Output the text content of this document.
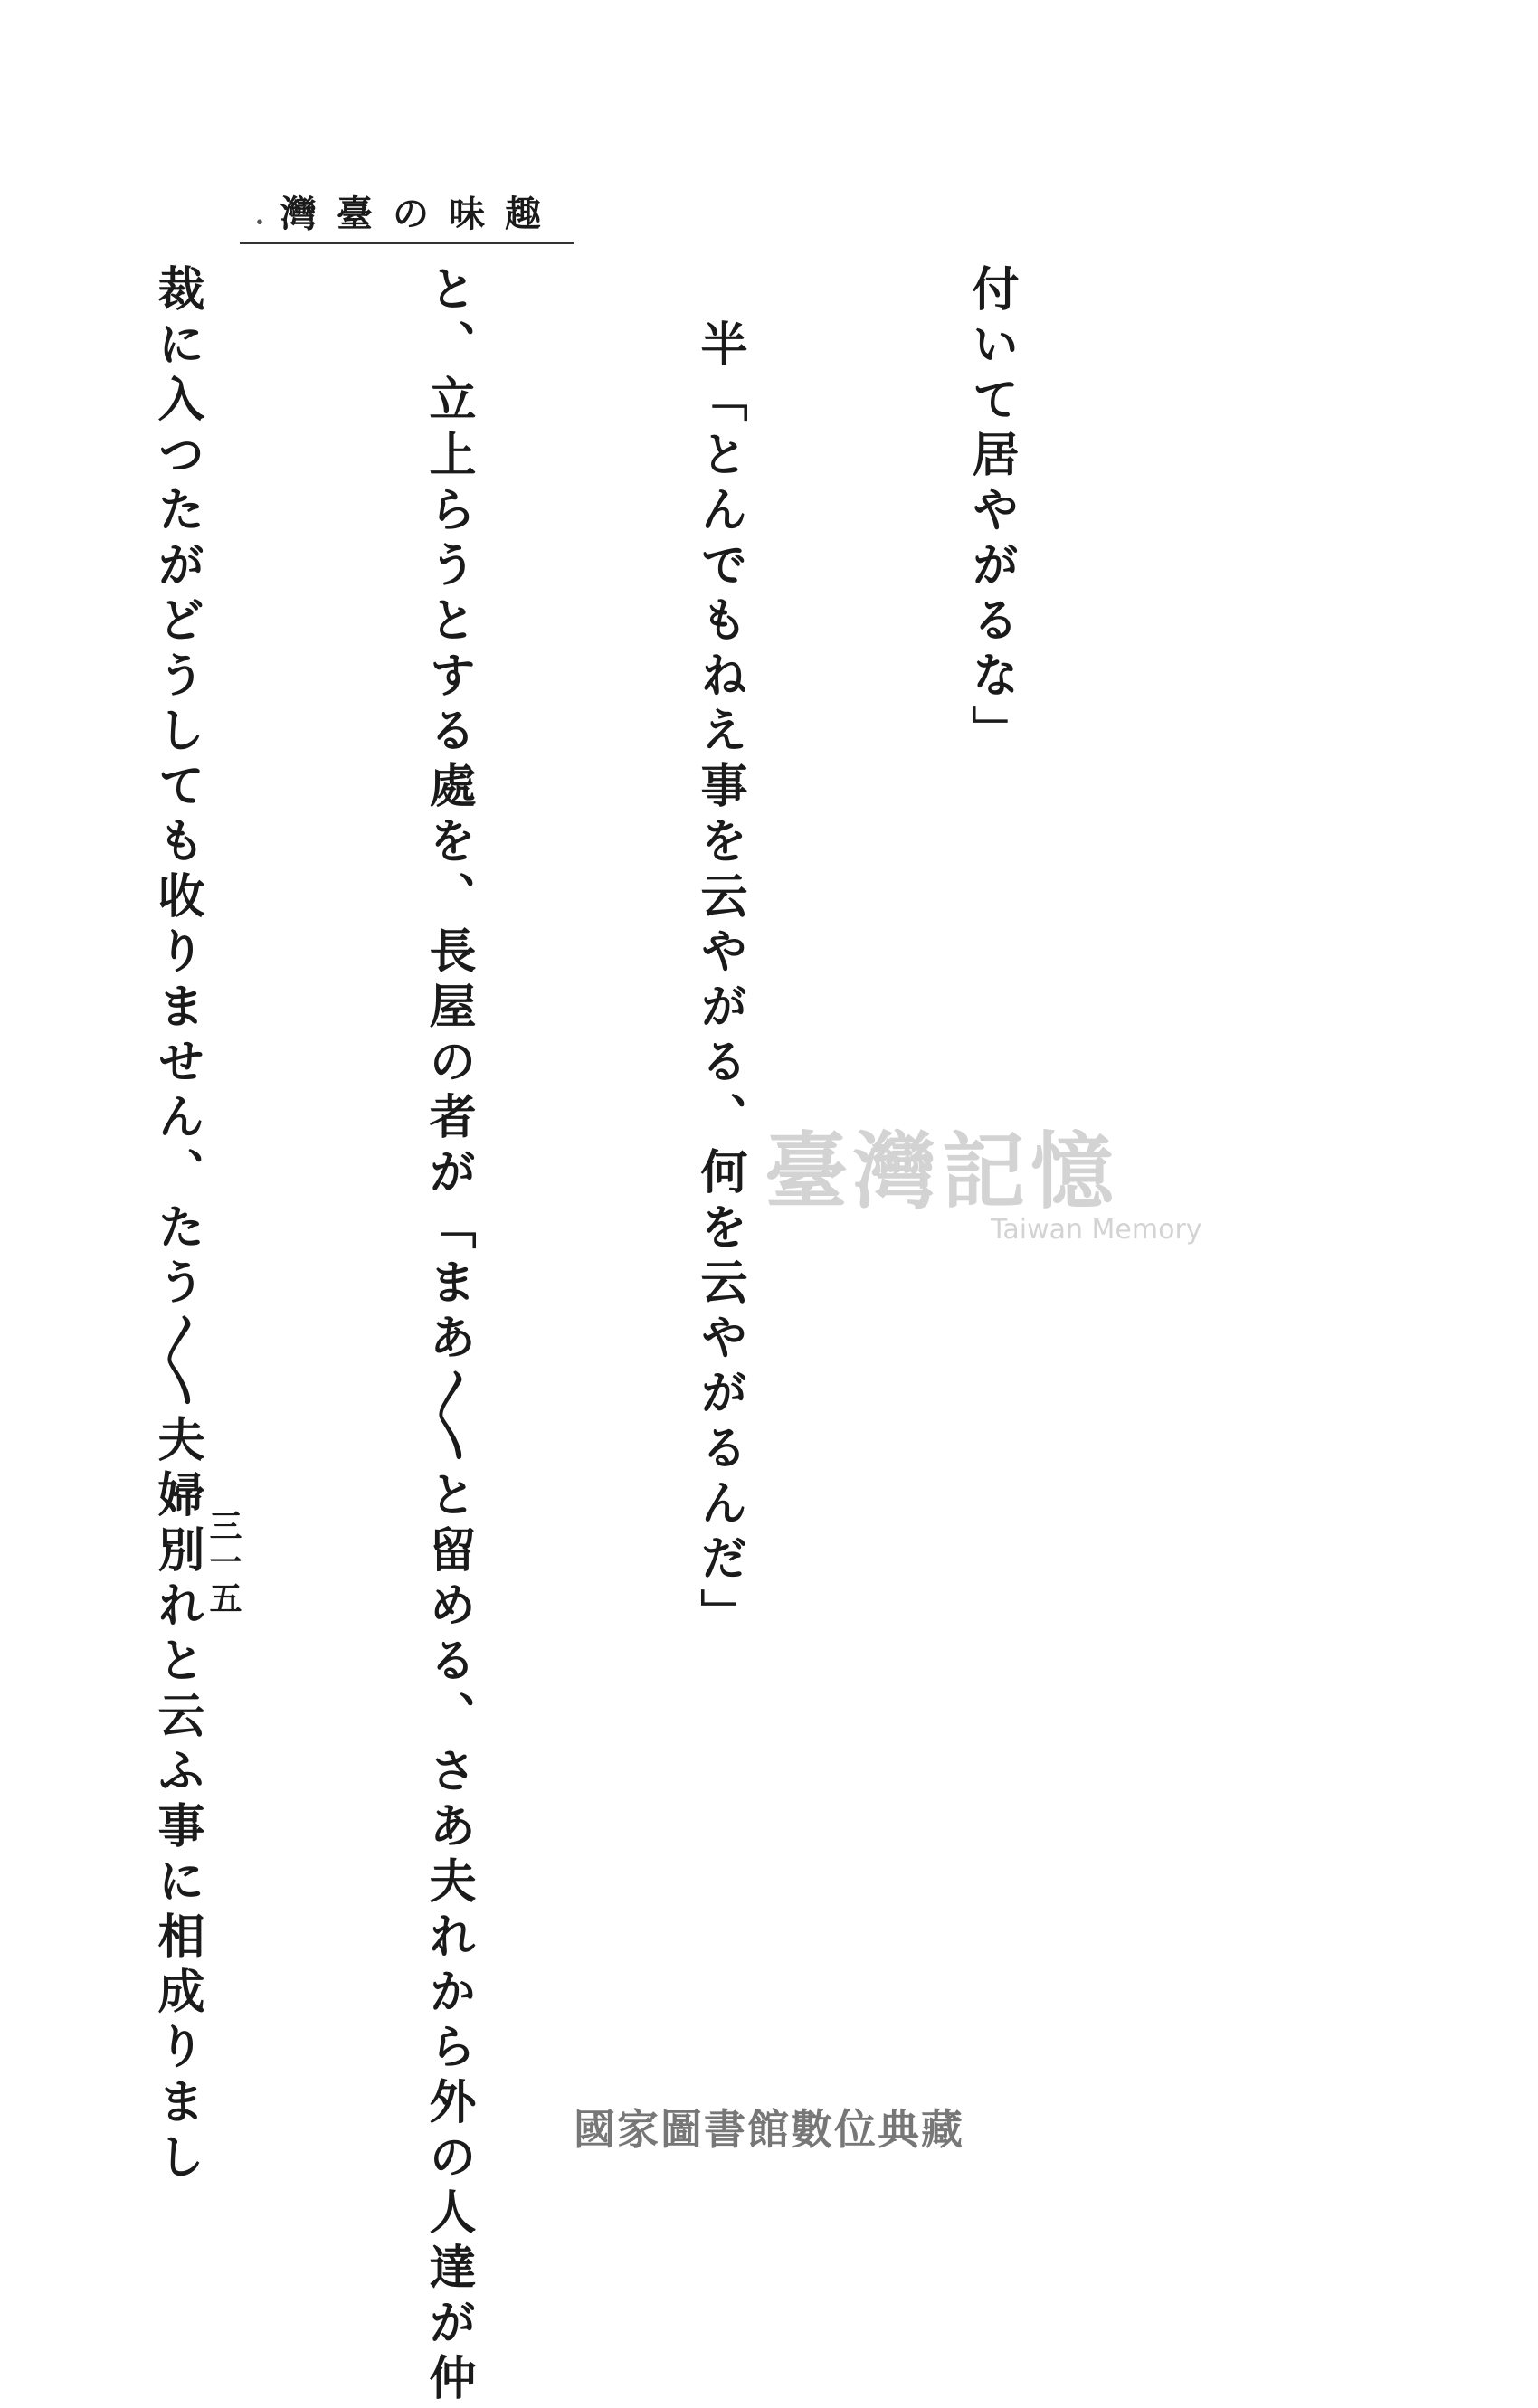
・ 灣臺の味趣

付いて居やがるな」

　半「とんでもねえ事を云やがる、何を云やがるんだ」

と、立上らうとする處を、長屋の者が「まあ〳〵と留める、さあ夫れから外の人達が仲

裁に入つたがどうしても收りません、たう〳〵夫婦別れと云ふ事に相成りまし

三一五
臺灣記憶
Taiwan Memory
國家圖書館數位典藏
